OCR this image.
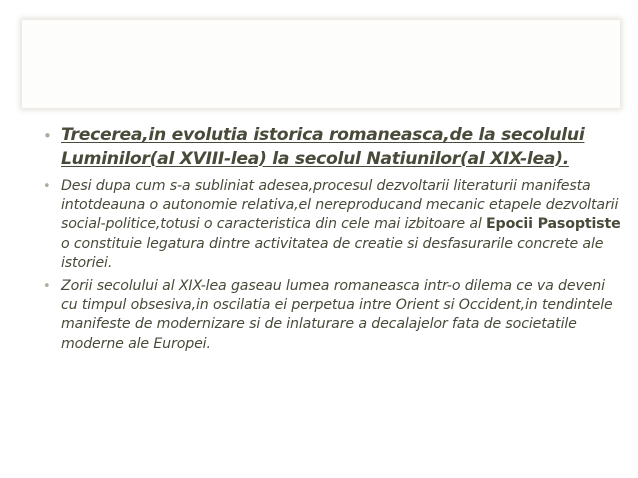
• Trecerea,in evolutia istorica romaneasca,de la secolului Luminilor(al XVIII-lea) la secolul Natiunilor(al XIX-lea).
• Desi dupa cum s-a subliniat adesea,procesul dezvoltarii literaturii manifesta intotdeauna o autonomie relativa,el nereproducand mecanic etapele dezvoltarii social-politice,totusi o caracteristica din cele mai izbitoare al Epocii Pasoptiste o constituie legatura dintre activitatea de creatie si desfasurarile concrete ale istoriei.
• Zorii secolului al XIX-lea gaseau lumea romaneasca intr-o dilema ce va deveni cu timpul obsesiva,in oscilatia ei perpetua intre Orient si Occident,in tendintele manifeste de modernizare si de inlaturare a decalajelor fata de societatile moderne ale Europei.
